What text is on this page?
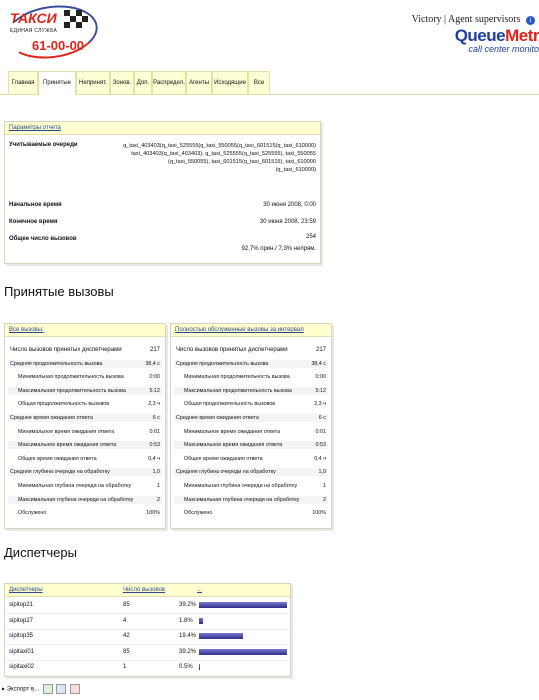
ТАКСИ
ЕДИНАЯ СЛУЖБА
61-00-00
Victory | Agent supervisors i
QueueMetr
call center monito
Главная	Принятые	Непринят. Зонов. Доп. Распредел. Агенты Исходящие	Все
Параметры отчета
Учитываемые очереди	q_taxi_403403(q_taxi_525555(q_taxi_550055(q_taxi_601515(q_taxi_610000)
taxi_403403(q_taxi_403403), q_taxi_525555(q_taxi_525555), taxi_550055
(q_taxi_550055), taxi_601515(q_taxi_601515), taxi_610000
(q_taxi_610000)
Начальное время	30 июня 2008, 0:00
Конечное время	30 июня 2008, 23:59
Общее число вызовов	254
92,7% прин./ 7,3% непрям.
Принятые вызовы
Все вызовы:
Число вызовов принятых диспетчерами	217
Средняя продолжительность вызова	38,4 с
Минимальная продолжительность вызова	0:00
Максимальная продолжительность вызова	5:12
Общая продолжительность вызовов	2,3 ч
Среднее время ожидания ответа	6 с
Минимальное время ожидания ответа	0:01
Максимальное время ожидания ответа	0:53
Общее время ожидания ответа	0,4 ч
Средняя глубина очереди на обработку	1,0
Минимальная глубина очереди на обработку	1
Максимальная глубина очереди на обработку	2
Обслужено	100%
Полностью обслуженные вызовы за интервал
Число вызовов принятых диспетчерами	217
Средняя продолжительность вызова	38,4 с
Минимальная продолжительность вызова	0:00
Максимальная продолжительность вызова	5:12
Общая продолжительность вызовов	2,3 ч
Среднее время ожидания ответа	6 с
Минимальное время ожидания ответа	0:01
Максимальное время ожидания ответа	0:53
Общее время ожидания ответа	0,4 ч
Средняя глубина очереди на обработку	1,0
Минимальная глубина очереди на обработку	1
Максимальная глубина очереди на обработку	2
Обслужено	100%
Диспетчеры
Диспетчеры	Число вызовов	...
sipitop21	85	39.2%
sipitop27	4	1.8%
sipitop35	42	19.4%
sipitaxi01	85	39.2%
sipitaxi02	1	0.5%
▸ Экспорт в...
